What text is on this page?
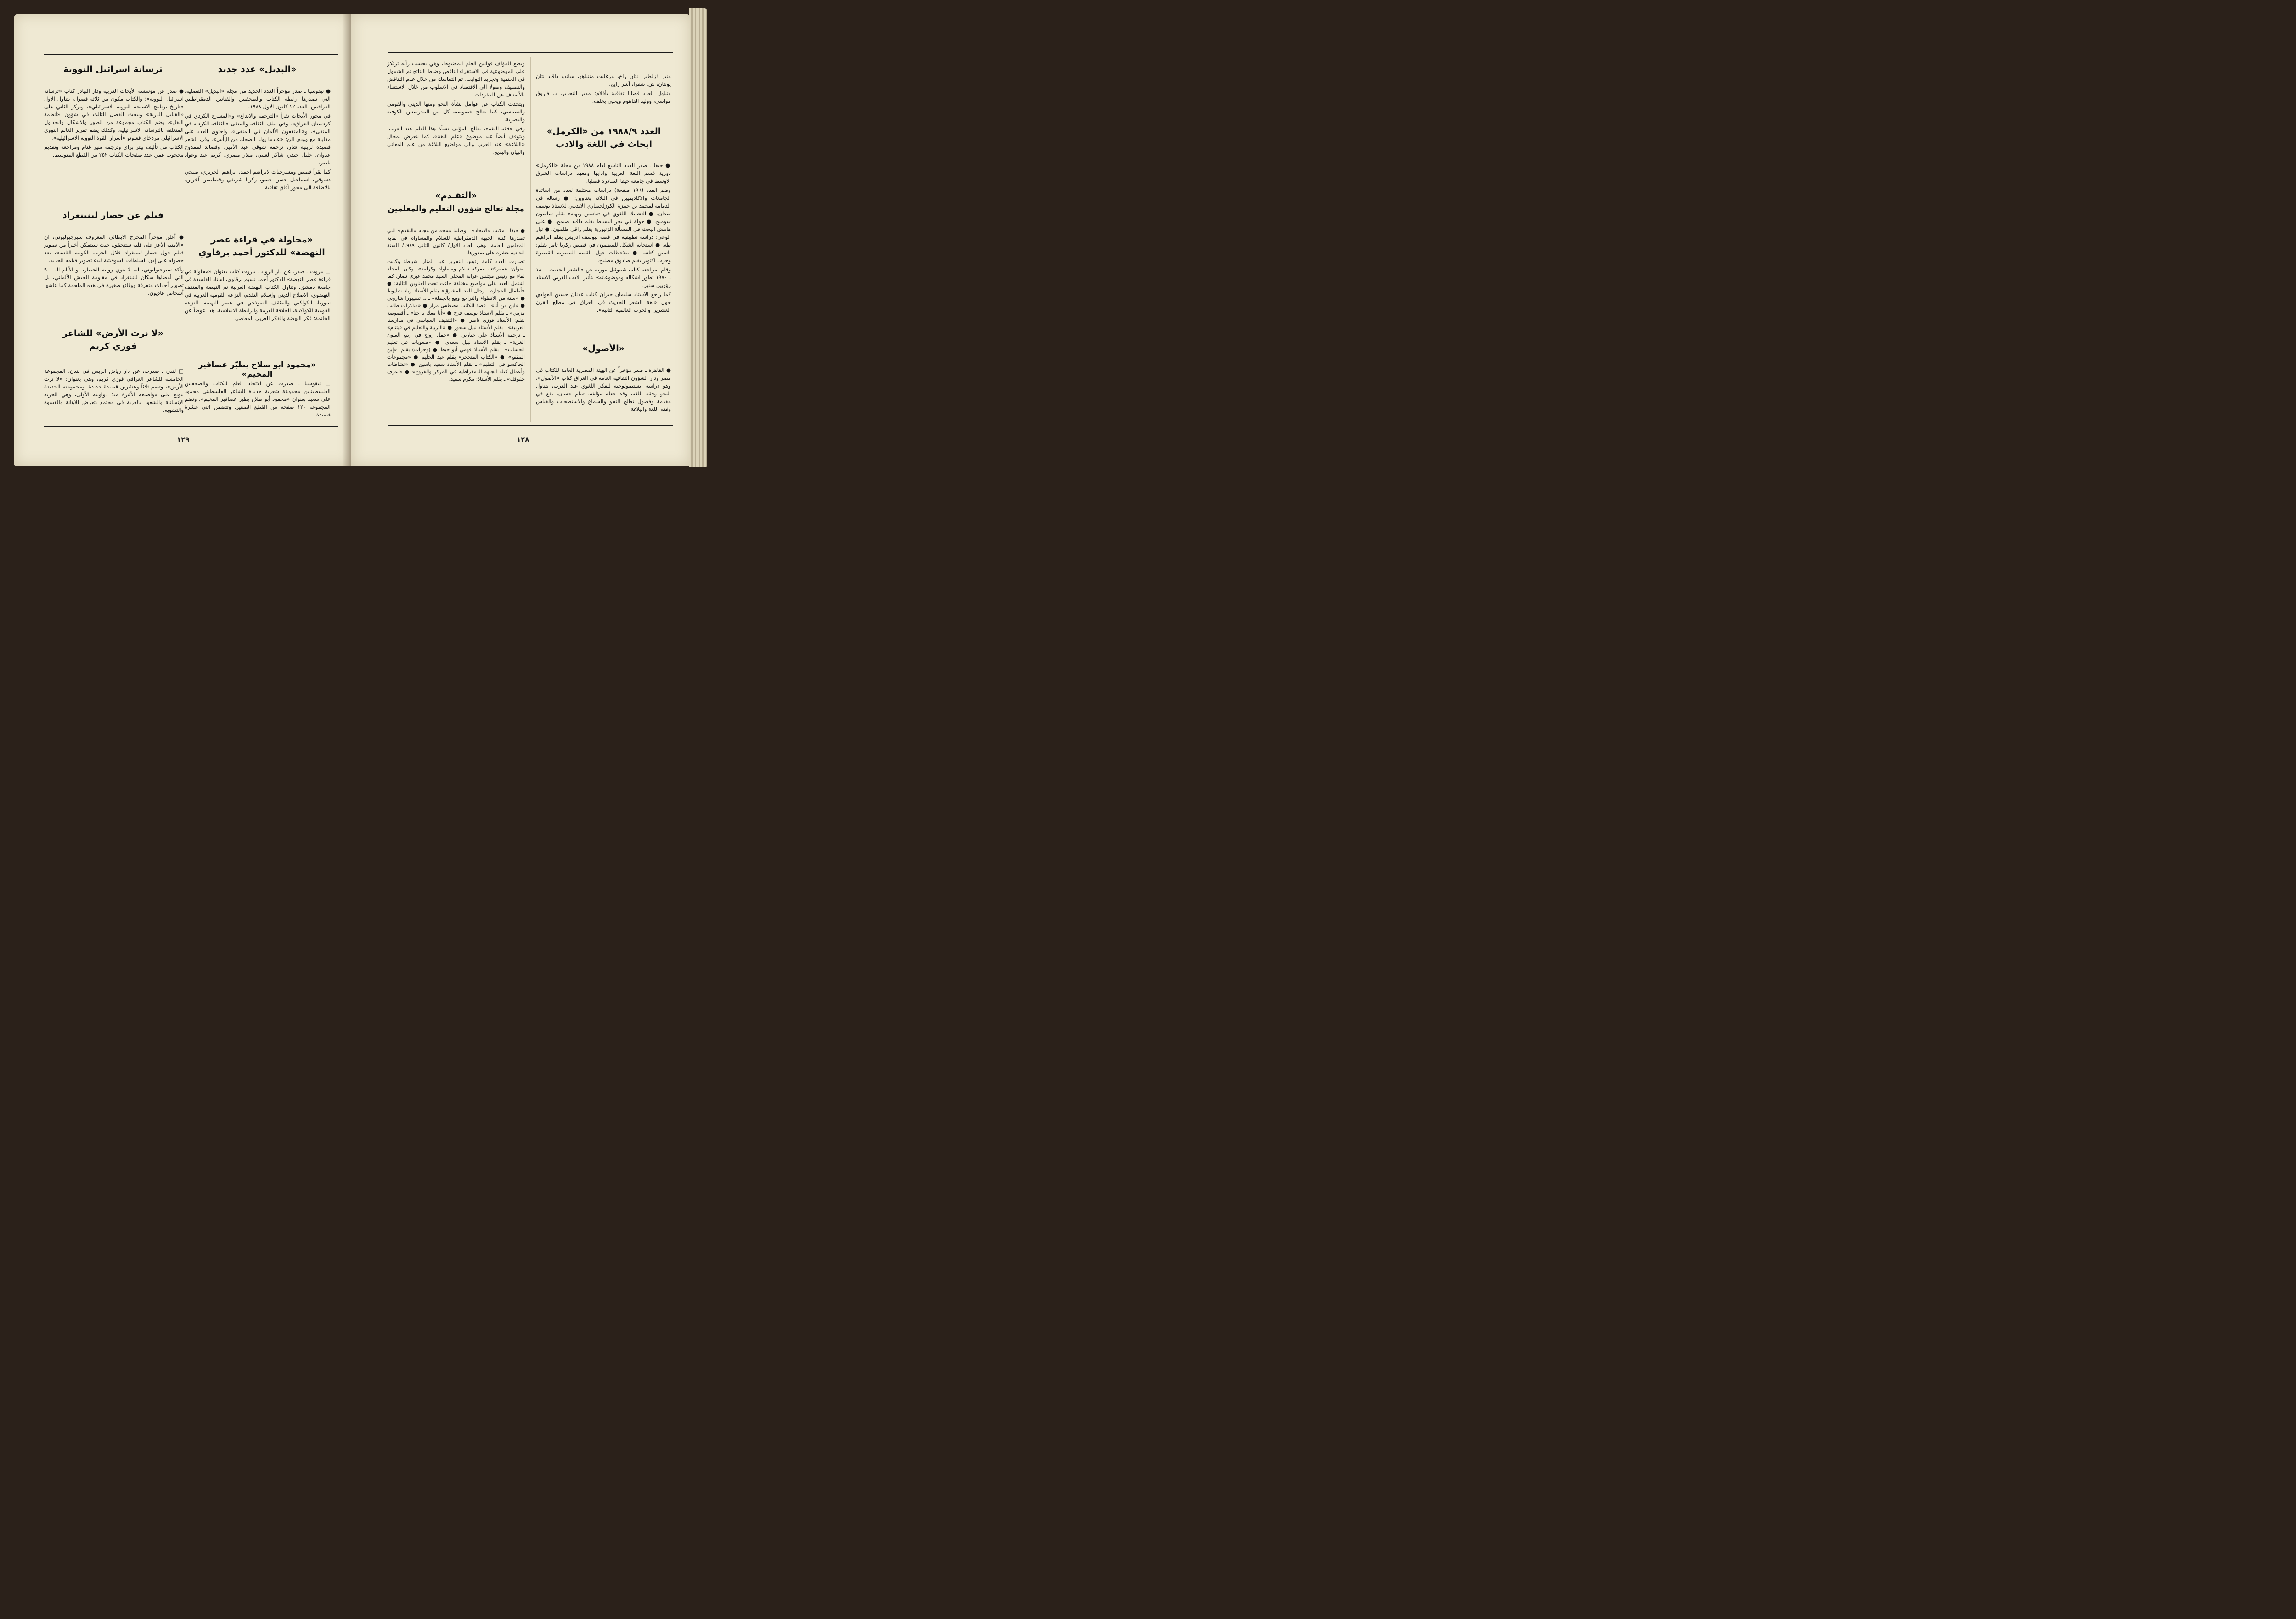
«البديل» عدد جديد

● نيقوسيا ـ صدر مؤخراً العدد الجديد من مجلة «البديل» الفصلية، التي تصدرها رابطة الكتاب والصحفيين والفنانين الدمقراطيين العراقيين، العدد ١٢ كانون الاول ١٩٨٨.

في محور الأبحاث نقرأ «الترجمة والابداع» و«المسرح الكردي في كردستان العراق». وفي ملف الثقافة والمنفى «الثقافة الكردية في المنفى»، و«المثقفون الألمان في المنفى». واحتوى العدد على مقابلة مع وودي الن: «عندما يولد الضحك من اليأس». وفي الشعر قصيدة لرينيه شار، ترجمة شوقي عبد الأمير، وقصائد لممدوح عدوان، جليل حيدر، شاكر لعيبي، منذر مصري، كريم عبد وعواد ناصر.

كما نقرأ قصص ومسرحيات لابراهيم احمد، ابراهيم الحريري، صبحي دسوقي، اسماعيل حسن حسو، زكريا شريقي وقصاصين آخرين. بالاضافة الى محور آفاق ثقافية.

«محاولة في قراءة عصر النهضة» للدكتور أحمد برقاوي

□ بيروت ـ صدر، عن دار الرواد ـ بيروت كتاب بعنوان «محاولة في قراءة عصر النهضة» للدكتور أحمد نسيم برقاوي، استاذ الفلسفة في جامعة دمشق. وتناول الكتاب النهضة العربية ثم النهضة والمثقف النهضوي، الاصلاح الديني وإسلام التقدم، النزعة القومية العربية في سوريا، الكواكبي والمثقف النموذجي في عصر النهضة، النزعة القومية الكواكبية، الخلافة العربية والرابطة الاسلامية. هذا عوضاً عن الخاتمة: فكر النهضة والفكر العربي المعاصر.

«محمود ابو صلاح يطيّر عصافير المخيم»

□ نيقوسيا ـ صدرت عن الاتحاد العام للكتاب والصحفيين الفلسطينيين مجموعة شعرية جديدة للشاعر الفلسطيني محمود علي سعيد بعنوان «محمود أبو صلاح يطير عصافير المخيم». وتضم المجموعة ١٢٠ صفحة من القطع الصغير. وتتضمن اثني عشرة قصيدة.

ترسانة اسرائيل النووية

● صدر عن مؤسسة الأبحاث العربية ودار البيادر كتاب «ترسانة اسرائيل النووية»؛ والكتاب مكون من ثلاثة فصول، يتناول الاول «تاريخ برنامج الاسلحة النووية الاسرائيلي»، ويركز الثاني على «القنابل الذرية» ويبحث الفصل الثالث في شؤون «أنظمة النقل». يضم الكتاب مجموعة من الصور والاشكال والجداول المتعلقة بالترسانة الاسرائيلية. وكذلك يضم تقرير العالم النووي الاسرائيلي مردخاي فعنونو «أسرار القوة النووية الاسرائيلية».

الكتاب من تأليف بيتر براي وترجمة منير غنام ومراجعة وتقديم محجوب عمر. عدد صفحات الكتاب ٢٥٢ من القطع المتوسط.

فيلم عن حصار لينينغراد

● أعلن مؤخراً المخرج الايطالي المعروف سيرجيوليوني، ان «الأمنية الأعز على قلبه ستتحقق، حيث سيتمكن أخيراً من تصوير فيلم حول حصار لينينغراد خلال الحرب الكونية الثانية»، بعد حصوله على إذن السلطات السوفيتية لبدء تصوير فيلمه الجديد.

وأكد سيرجيوليوني، انه لا ينوي رواية الحصار، او الأيام الـ ٩٠٠ التي أمضاها سكان لينينغراد في مقاومة الجيش الألماني، بل تصوير أحداث متفرقة ووقائع صغيرة في هذه الملحمة كما عاشها أشخاص عاديون.

«لا نرث الأرض» للشاعر فوزي كريم

□ لندن ـ صدرت، عن دار رياض الريس في لندن، المجموعة الخامسة للشاعر العراقي فوزي كريم، وهي بعنوان: «لا نرث الأرض»، وتضم ثلاثاً وعشرين قصيدة جديدة. ومجموعته الجديدة تنويع على مواضيعه الأثيرة منذ دواوينه الأولى، وهي الحرية الإنسانية والشعور بالغربة في مجتمع يتعرض للاهانة والقسوة والتشويه.

١٢٩

ويضع المؤلف قوانين العلم المضبوط، وهي بحسب رأيه ترتكز على الموضوعية في الاستقراء الناقص وضبط النتائج ثم الشمول في الحتمية وتجريد الثوابت. ثم التماسك من خلال عدم التناقض والتصنيف وصولا الى الاقتصاد في الاسلوب من خلال الاستغناء بالأصناف عن المفردات.

ويتحدث الكتاب عن عوامل نشأة النحو ومنها الديني والقومي والسياسي، كما يعالج خصوصية كل من المدرستين الكوفية والبصرية.

وفي «فقه اللغة»، يعالج المؤلف نشأة هذا العلم عند العرب، ويتوقف أيضاً عند موضوع «علم اللغة»، كما يتعرض لمجال «البلاغة» عند العرب والى مواضيع البلاغة من علم المعاني والبيان والبديع.

«التقـدم»
مجلة تعالج شؤون التعليم والمعلمين

● حيفا ـ مكتب «الاتحاد» ـ وصلتنا نسخة من مجلة «التقدم» التي تصدرها كتلة الجبهة الدمقراطية للسلام والمساواة في نقابة المعلمين العامة. وهي العدد الأول/ كانون الثاني ١٩٨٩/ السنة الحادية عشرة على صدورها.

تصدرت العدد كلمة رئيس التحرير عبد المنان شبيطة وكانت بعنوان: «معركتنا، معركة سلام ومساواة وكرامة». وكان للمجلة لقاء مع رئيس مجلس عرابة المحلي السيد محمد عبري نصار، كما اشتمل العدد على مواضيع مختلفة جاءت تحت العناوين التالية: ● «أطفال الحجارة.. رجال الغد المشرق» بقلم الأستاذ زياد شليوط ● «سنة من الانطواء والتراجع وبيع بالجملة» ـ د. تسيبورا شاروني ● «ابن من أنا» ـ قصة للكاتب مصطفى مرار ● «مذكرات طالب مزمن» ـ بقلم الاستاذ يوسف فرح ● «أنا معك يا حنا» ـ أقصوصة بقلم: الأستاذ فوزي ناصر ● «التثقيف السياسي في مدارسنا العربية» ـ بقلم الأستاذ نبيل سحور ● «التربية والتعليم في فيتنام» ـ ترجمة الأستاذ علي جبارين ● «حفل زواج في ربيع العيون الغزية» ـ بقلم الأستاذ نبيل سعدي ● «صعوبات في تعليم الحساب» ـ بقلم الأستاذ فهمي أبو خيط ● (وخزات) بقلم: «إبن المقفع» ● «الكتاب المتحجر» بقلم عبد الحليم ● «مجموعات الجاكسو في التعليم» ـ بقلم الأستاذ سعيد ياسين ● «نشاطات وأعمال كتلة الجبهة الدمقراطية في المركز والفروع» ● «اعرف حقوقك» ـ بقلم الأستاذ: مكرم سعيد.

منير فزلطير، نتان زاخ، مرغليت متتياهو، ساندو داقيد نتان يونتان، ش. شفرا، آشر رايخ.

وتناول العدد قضايا ثقافية بأقلام: مدير التحرير، د. فاروق مواسي، ووليد الفاهوم ويحيى يخلف.

العدد ١٩٨٨/٩ من «الكرمل» ابحاث في اللغة والادب

● حيفا ـ صدر العدد التاسع لعام ١٩٨٨ من مجلة «الكرمل» دورية قسم اللغة العربية وادابها ومعهد دراسات الشرق الاوسط في جامعة حيفا الصادرة فصليا.

وضم العدد (١٩٦ صفحة) دراسات مختلفة لعدد من اساتذة الجامعات والاكاديميين في البلاد، بعناوين: ● رسالة في الدمامة لمحمد بن حمزة الكوزلحصاري الايديني للاستاذ يوسف سدان. ● التشابك اللغوي في «ياسين وبهية» بقلم ساسون سوميخ. ● جولة في بحر البسيط بقلم داڤيد صيمح. ● على هامش البحث في المسألة الزنبورية بقلم راڤي طلمون. ● تيار الوعي: دراسة تطبيقية في قصة ليوسف ادريس بقلم ابراهيم طه. ● استجابة الشكل للمضمون في قصص زكريا تامر بقلم: ياسين كتانه. ● ملاحظات حول القصة المصرية القصيرة وحرب اكتوبر بقلم صادوق مصليح.

وقام بمراجعة كتاب شموئيل موريه عن «الشعر الحديث ١٨٠٠ ـ ١٩٧٠ تطور اشكاله وموضوعاته» بتأثير الادب الغربي الاستاذ رؤوبين سنير.

كما راجع الاستاذ سليمان جبران كتاب عدنان حسين العوادي حول «لغة الشعر الحديث في العراق في مطلع القرن العشرين والحرب العالمية الثانية».

«الأصول»

● القاهرة ـ صدر مؤخراً عن الهيئة المصرية العامة للكتاب في مصر ودار الشؤون الثقافية العامة في العراق كتاب «الأصول»، وهو دراسة ابستيمولوجية للفكر اللغوي عند العرب، يتناول النحو وفقه اللغة، وقد جعله مؤلفه، تمام حسان، يقع في مقدمة وفصول تعالج النحو والسماع والاستصحاب والقياس وفقه اللغة والبلاغة.

١٢٨
